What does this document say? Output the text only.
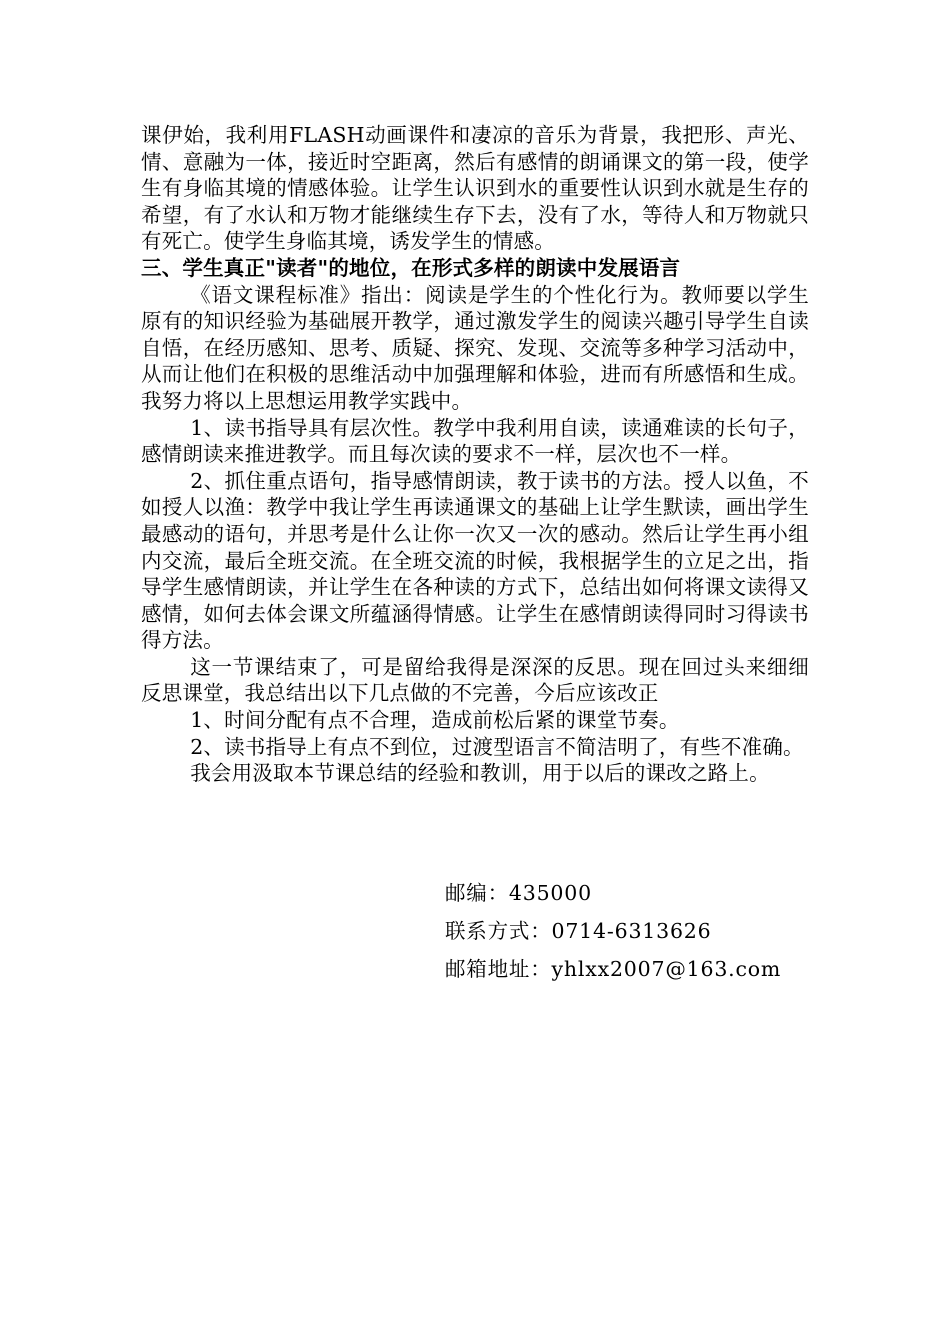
课伊始，我利用FLASH动画课件和凄凉的音乐为背景，我把形、声光、情、意融为一体，接近时空距离，然后有感情的朗诵课文的第一段，使学生有身临其境的情感体验。让学生认识到水的重要性认识到水就是生存的希望，有了水认和万物才能继续生存下去，没有了水，等待人和万物就只有死亡。使学生身临其境，诱发学生的情感。

三、学生真正"读者"的地位，在形式多样的朗读中发展语言

《语文课程标准》指出：阅读是学生的个性化行为。教师要以学生原有的知识经验为基础展开教学，通过激发学生的阅读兴趣引导学生自读自悟，在经历感知、思考、质疑、探究、发现、交流等多种学习活动中，从而让他们在积极的思维活动中加强理解和体验，进而有所感悟和生成。我努力将以上思想运用教学实践中。

1、读书指导具有层次性。教学中我利用自读，读通难读的长句子，感情朗读来推进教学。而且每次读的要求不一样，层次也不一样。

2、抓住重点语句，指导感情朗读，教于读书的方法。授人以鱼，不如授人以渔：教学中我让学生再读通课文的基础上让学生默读，画出学生最感动的语句，并思考是什么让你一次又一次的感动。然后让学生再小组内交流，最后全班交流。在全班交流的时候，我根据学生的立足之出，指导学生感情朗读，并让学生在各种读的方式下，总结出如何将课文读得又感情，如何去体会课文所蕴涵得情感。让学生在感情朗读得同时习得读书得方法。

这一节课结束了，可是留给我得是深深的反思。现在回过头来细细反思课堂，我总结出以下几点做的不完善，今后应该改正

1、时间分配有点不合理，造成前松后紧的课堂节奏。

2、读书指导上有点不到位，过渡型语言不简洁明了，有些不准确。

我会用汲取本节课总结的经验和教训，用于以后的课改之路上。

邮编：435000
联系方式：0714-6313626
邮箱地址：yhlxx2007@163.com
